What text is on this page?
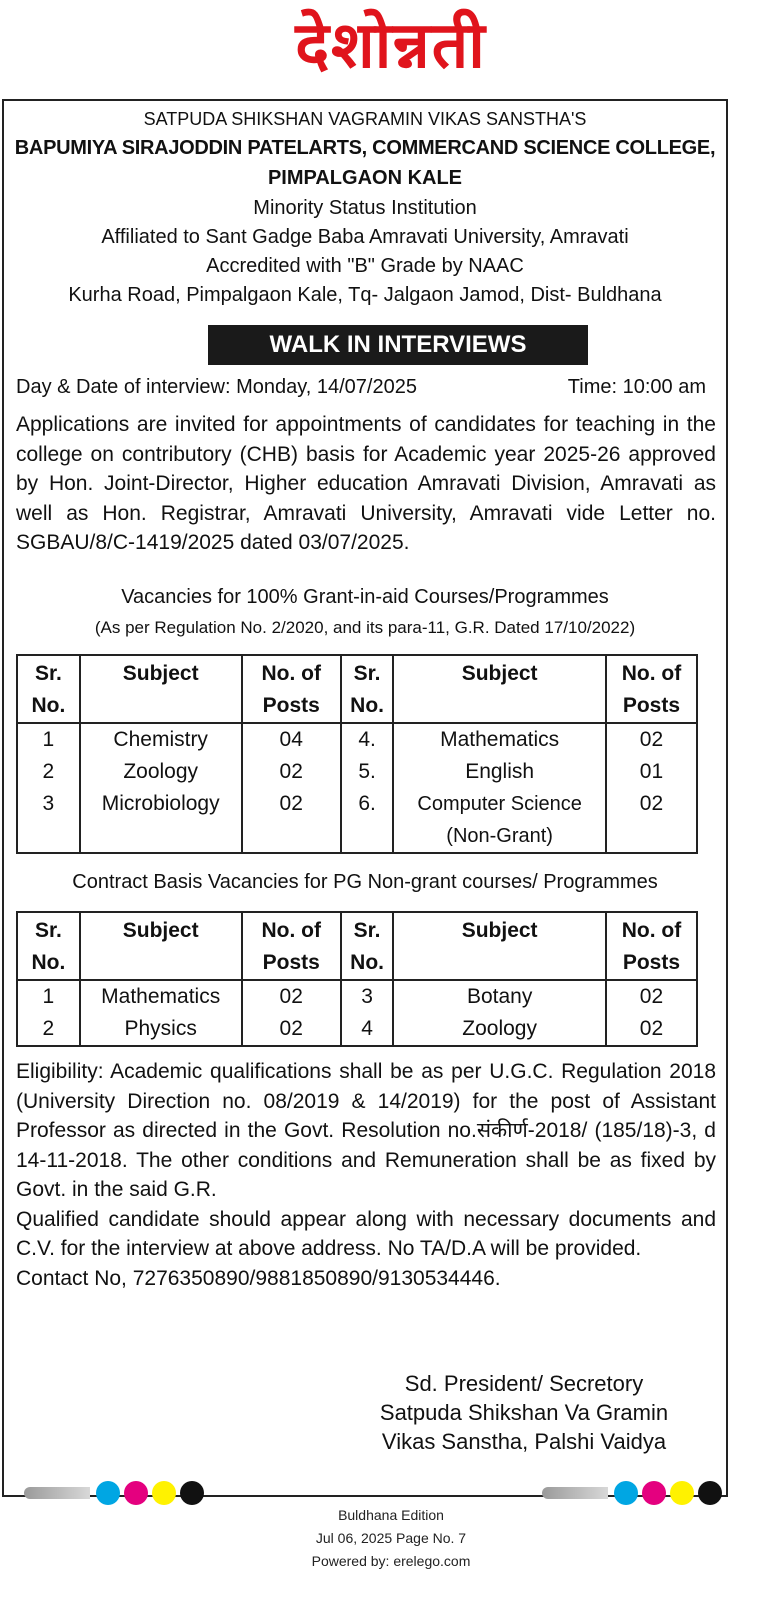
देशोन्नती
SATPUDA SHIKSHAN VAGRAMIN VIKAS SANSTHA'S
BAPUMIYA SIRAJODDIN PATELARTS, COMMERCAND SCIENCE COLLEGE,
PIMPALGAON KALE
Minority Status Institution
Affiliated to Sant Gadge Baba Amravati University, Amravati
Accredited with "B" Grade by NAAC
Kurha Road, Pimpalgaon Kale, Tq- Jalgaon Jamod, Dist- Buldhana
WALK IN INTERVIEWS
Day & Date of interview: Monday, 14/07/2025	Time: 10:00 am
Applications are invited for appointments of candidates for teaching in the college on contributory (CHB) basis for Academic year 2025-26 approved by Hon. Joint-Director, Higher education Amravati Division, Amravati as well as Hon. Registrar, Amravati University, Amravati vide Letter no. SGBAU/8/C-1419/2025 dated 03/07/2025.
Vacancies for 100% Grant-in-aid Courses/Programmes
(As per Regulation No. 2/2020, and its para-11, G.R. Dated 17/10/2022)
Sr. No.	Subject	No. of Posts	Sr. No.	Subject	No. of Posts
1	Chemistry	04	4.	Mathematics	02
2	Zoology	02	5.	English	01
3	Microbiology	02	6.	Computer Science (Non-Grant)	02
Contract Basis Vacancies for PG Non-grant courses/ Programmes
Sr. No.	Subject	No. of Posts	Sr. No.	Subject	No. of Posts
1	Mathematics	02	3	Botany	02
2	Physics	02	4	Zoology	02
Eligibility: Academic qualifications shall be as per U.G.C. Regulation 2018 (University Direction no. 08/2019 & 14/2019) for the post of Assistant Professor as directed in the Govt. Resolution no.संकीर्ण-2018/ (185/18)-3, d 14-11-2018. The other conditions and Remuneration shall be as fixed by Govt. in the said G.R.
Qualified candidate should appear along with necessary documents and C.V. for the interview at above address. No TA/D.A will be provided.
Contact No, 7276350890/9881850890/9130534446.
Sd. President/ Secretory
Satpuda Shikshan Va Gramin
Vikas Sanstha, Palshi Vaidya
Buldhana Edition
Jul 06, 2025 Page No. 7
Powered by: erelego.com
